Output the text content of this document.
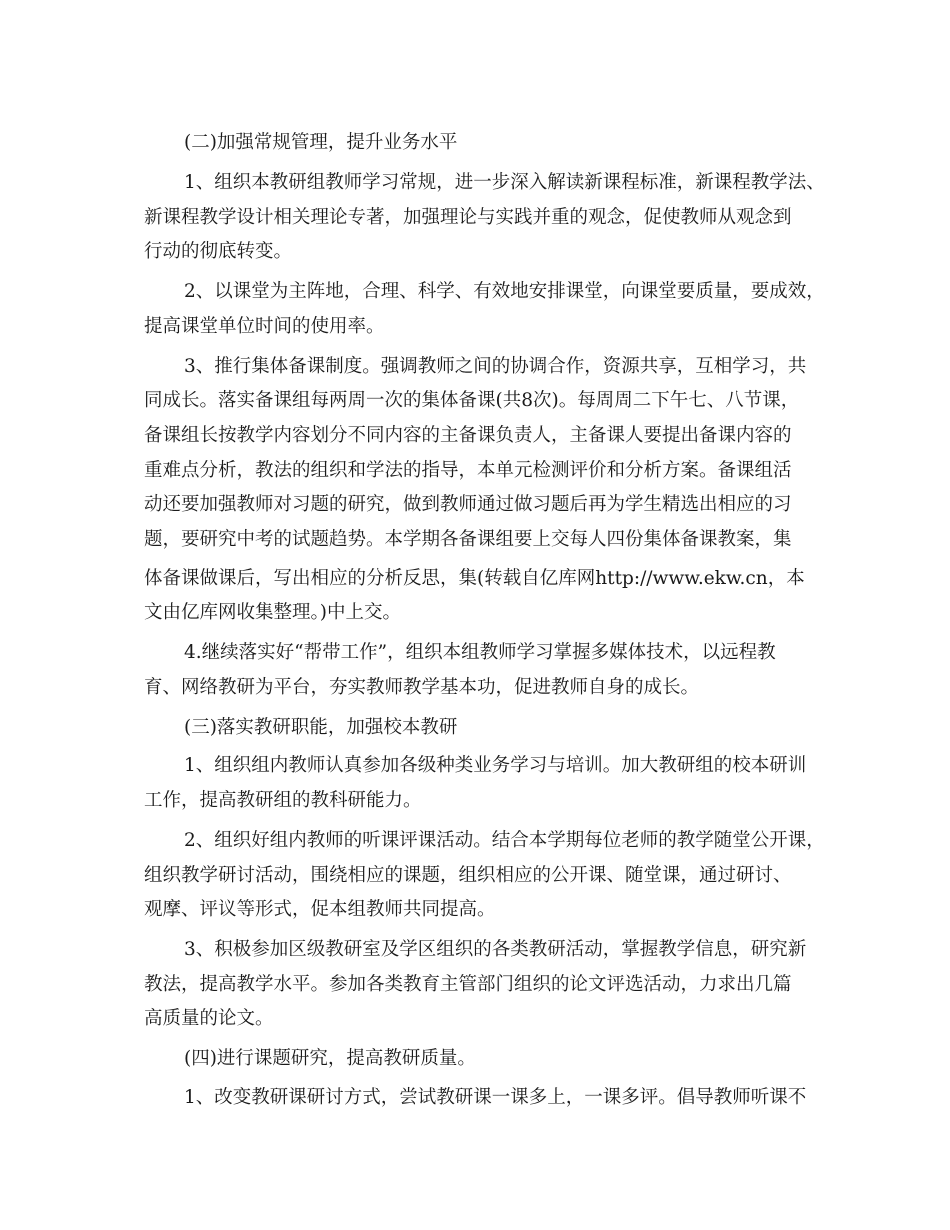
(二)加强常规管理，提升业务水平
1、组织本教研组教师学习常规，进一步深入解读新课程标准，新课程教学法、
新课程教学设计相关理论专著，加强理论与实践并重的观念，促使教师从观念到
行动的彻底转变。
2、以课堂为主阵地，合理、科学、有效地安排课堂，向课堂要质量，要成效，
提高课堂单位时间的使用率。
3、推行集体备课制度。强调教师之间的协调合作，资源共享，互相学习，共
同成长。落实备课组每两周一次的集体备课(共8次)。每周周二下午七、八节课，
备课组长按教学内容划分不同内容的主备课负责人，主备课人要提出备课内容的
重难点分析，教法的组织和学法的指导，本单元检测评价和分析方案。备课组活
动还要加强教师对习题的研究，做到教师通过做习题后再为学生精选出相应的习
题，要研究中考的试题趋势。本学期各备课组要上交每人四份集体备课教案，集
体备课做课后，写出相应的分析反思，集(转载自亿库网http://www.ekw.cn，本
文由亿库网收集整理。)中上交。
4.继续落实好“帮带工作”，组织本组教师学习掌握多媒体技术，以远程教
育、网络教研为平台，夯实教师教学基本功，促进教师自身的成长。
(三)落实教研职能，加强校本教研
1、组织组内教师认真参加各级种类业务学习与培训。加大教研组的校本研训
工作，提高教研组的教科研能力。
2、组织好组内教师的听课评课活动。结合本学期每位老师的教学随堂公开课，
组织教学研讨活动，围绕相应的课题，组织相应的公开课、随堂课，通过研讨、
观摩、评议等形式，促本组教师共同提高。
3、积极参加区级教研室及学区组织的各类教研活动，掌握教学信息，研究新
教法，提高教学水平。参加各类教育主管部门组织的论文评选活动，力求出几篇
高质量的论文。
(四)进行课题研究，提高教研质量。
1、改变教研课研讨方式，尝试教研课一课多上，一课多评。倡导教师听课不
